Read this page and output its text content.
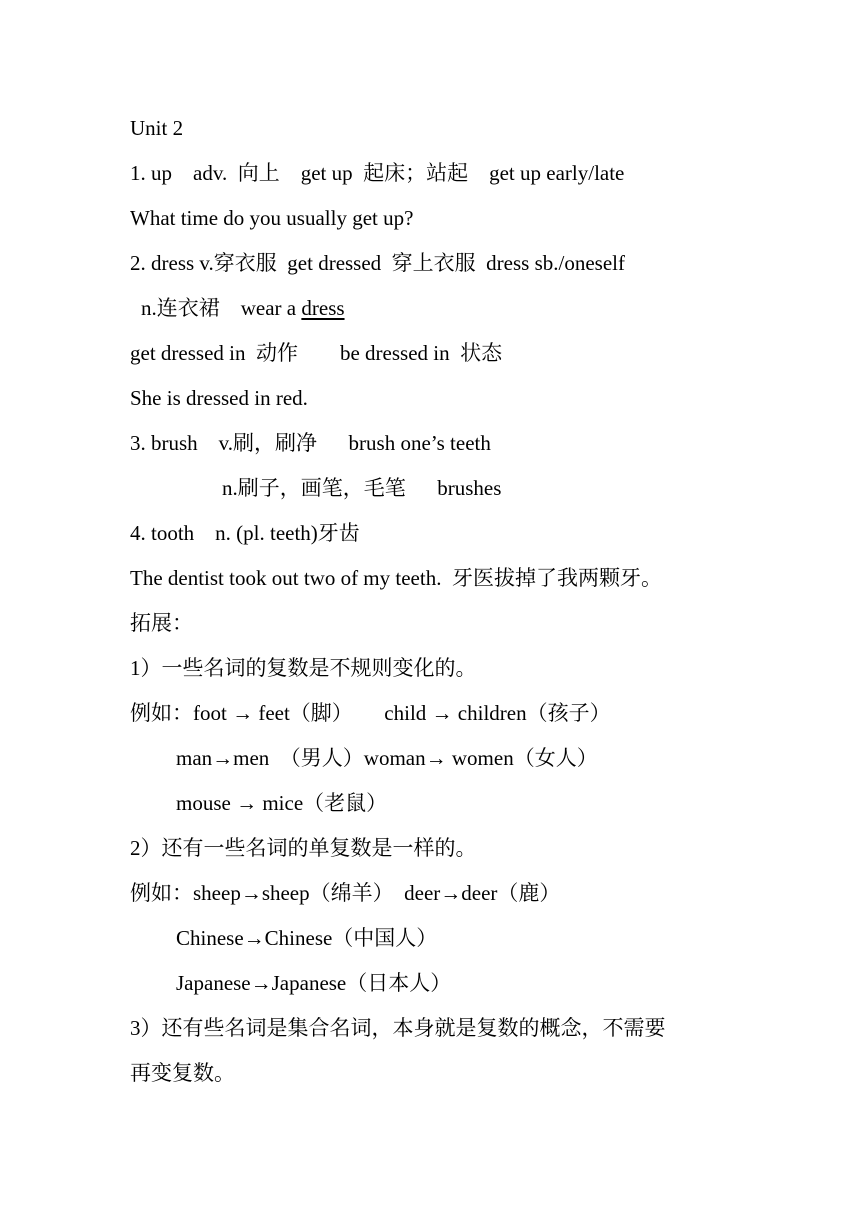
Unit 2
1. up    adv.  向上    get up  起床；站起    get up early/late
What time do you usually get up?
2. dress v.穿衣服  get dressed  穿上衣服  dress sb./oneself
n.连衣裙    wear a dress
get dressed in  动作        be dressed in  状态
She is dressed in red.
3. brush    v.刷，刷净      brush one’s teeth
n.刷子，画笔，毛笔      brushes
4. tooth    n. (pl. teeth)牙齿
The dentist took out two of my teeth.  牙医拔掉了我两颗牙。
拓展：
1）一些名词的复数是不规则变化的。
例如：foot → feet（脚）      child → children（孩子）
man→men  （男人）woman→ women（女人）
mouse → mice（老鼠）
2）还有一些名词的单复数是一样的。
例如：sheep→sheep（绵羊）  deer→deer（鹿）
Chinese→Chinese（中国人）
Japanese→Japanese（日本人）
3）还有些名词是集合名词，本身就是复数的概念，不需要
再变复数。
